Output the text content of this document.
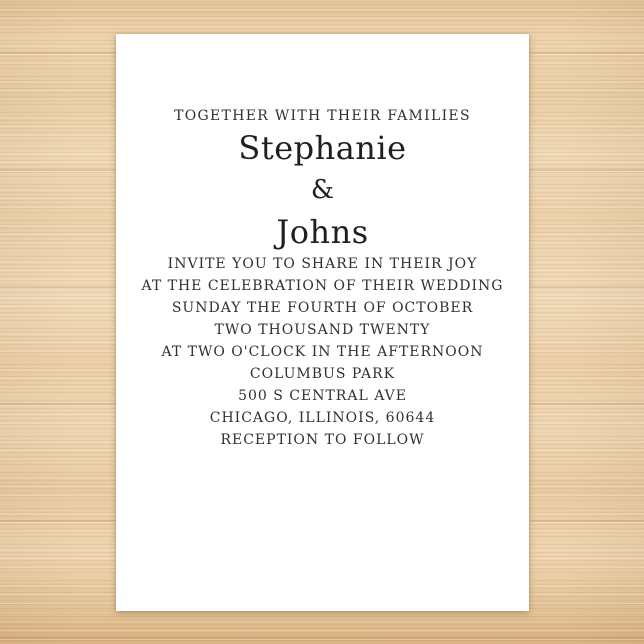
TOGETHER WITH THEIR FAMILIES

Stephanie
&
Johns
INVITE YOU TO SHARE IN THEIR JOY
AT THE CELEBRATION OF THEIR WEDDING
SUNDAY THE FOURTH OF OCTOBER
TWO THOUSAND TWENTY
AT TWO O'CLOCK IN THE AFTERNOON
COLUMBUS PARK
500 S CENTRAL AVE
CHICAGO, ILLINOIS, 60644

RECEPTION TO FOLLOW
